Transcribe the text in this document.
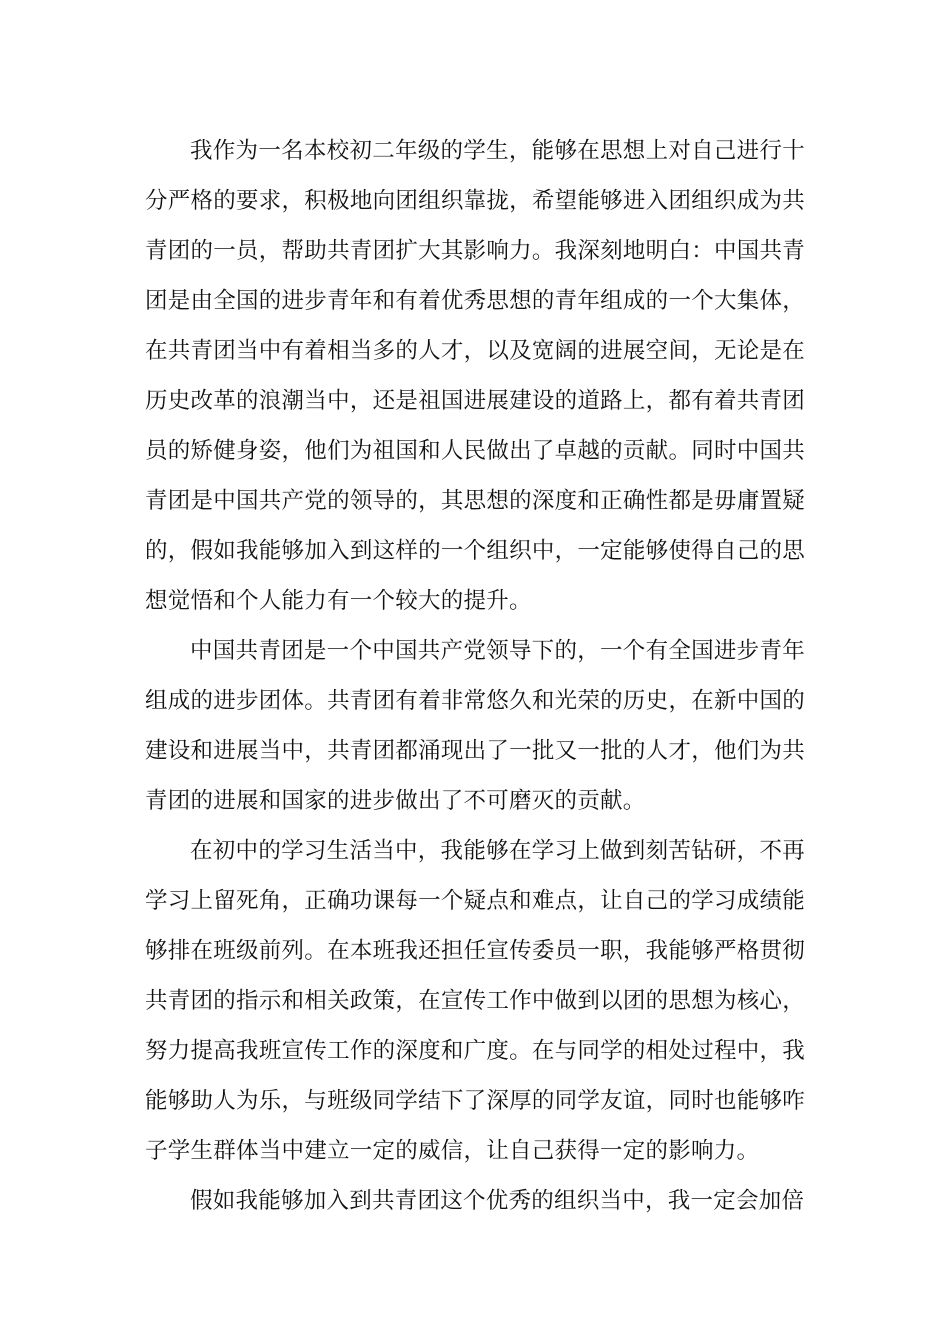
我作为一名本校初二年级的学生，能够在思想上对自己进行十分严格的要求，积极地向团组织靠拢，希望能够进入团组织成为共青团的一员，帮助共青团扩大其影响力。我深刻地明白：中国共青团是由全国的进步青年和有着优秀思想的青年组成的一个大集体，在共青团当中有着相当多的人才，以及宽阔的进展空间，无论是在历史改革的浪潮当中，还是祖国进展建设的道路上，都有着共青团员的矫健身姿，他们为祖国和人民做出了卓越的贡献。同时中国共青团是中国共产党的领导的，其思想的深度和正确性都是毋庸置疑的，假如我能够加入到这样的一个组织中，一定能够使得自己的思想觉悟和个人能力有一个较大的提升。

中国共青团是一个中国共产党领导下的，一个有全国进步青年组成的进步团体。共青团有着非常悠久和光荣的历史，在新中国的建设和进展当中，共青团都涌现出了一批又一批的人才，他们为共青团的进展和国家的进步做出了不可磨灭的贡献。

在初中的学习生活当中，我能够在学习上做到刻苦钻研，不再学习上留死角，正确功课每一个疑点和难点，让自己的学习成绩能够排在班级前列。在本班我还担任宣传委员一职，我能够严格贯彻共青团的指示和相关政策，在宣传工作中做到以团的思想为核心，努力提高我班宣传工作的深度和广度。在与同学的相处过程中，我能够助人为乐，与班级同学结下了深厚的同学友谊，同时也能够咋子学生群体当中建立一定的威信，让自己获得一定的影响力。

假如我能够加入到共青团这个优秀的组织当中，我一定会加倍
